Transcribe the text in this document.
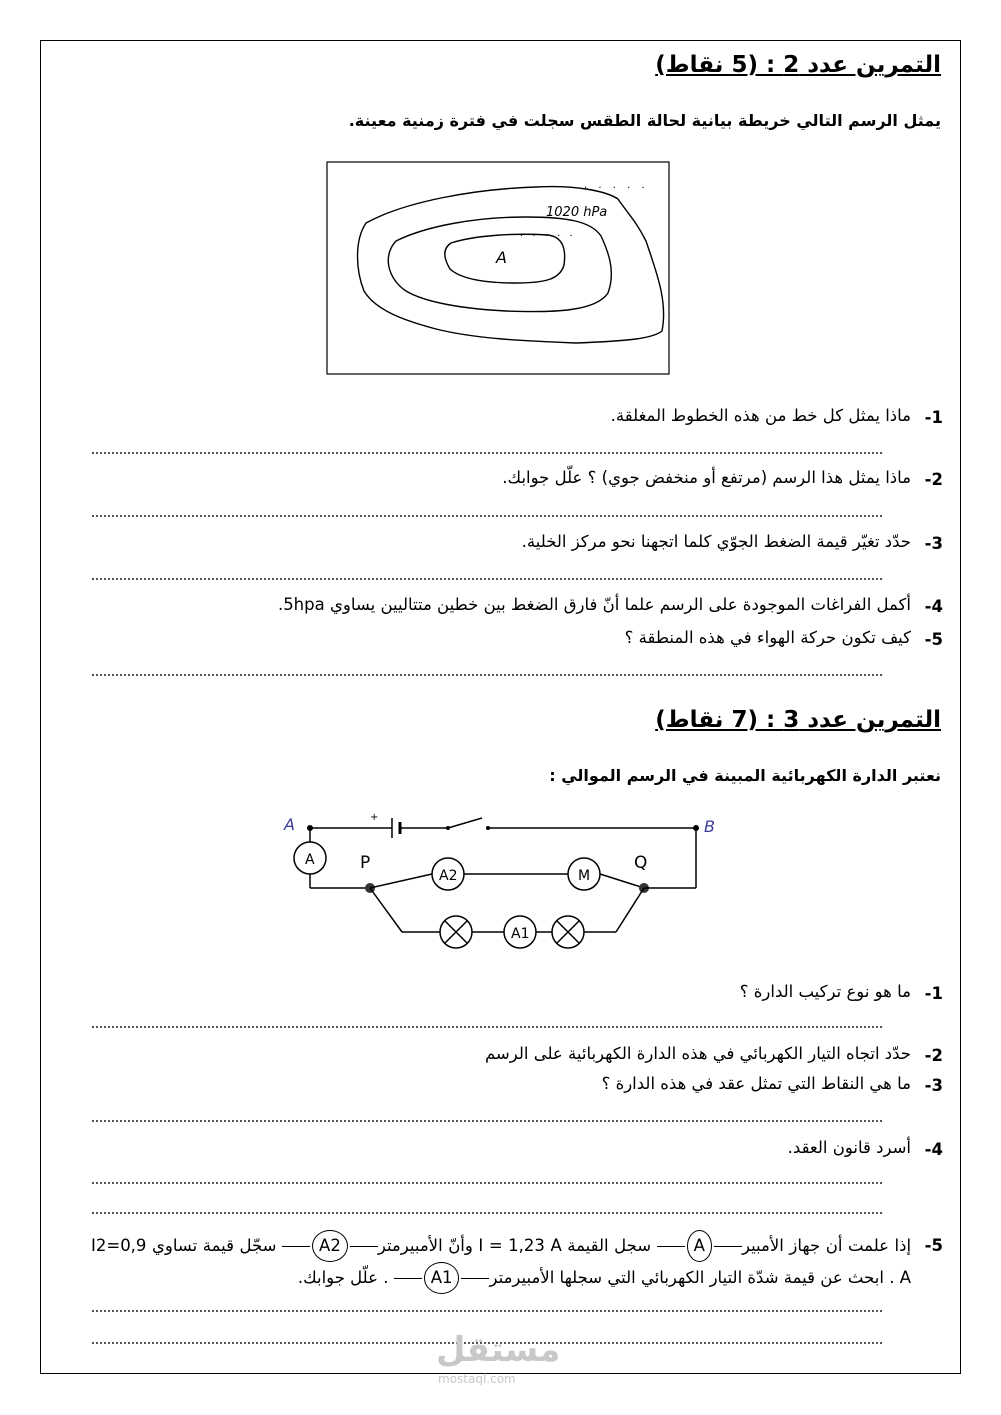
التمرين عدد 2 : (5 نقاط)
يمثل الرسم التالي خريطة بيانية لحالة الطقس سجلت في فترة زمنية معينة.
. . . . .
. . . . .
1020 hPa
A
-1
ماذا يمثل كل خط من هذه الخطوط المغلقة.
-2
ماذا يمثل هذا الرسم (مرتفع أو منخفض جوي) ؟ علّل جوابك.
-3
حدّد تغيّر قيمة الضغط الجوّي كلما اتجهنا نحو مركز الخلية.
-4
أكمل الفراغات الموجودة على الرسم علما أنّ فارق الضغط بين خطين متتاليين يساوي 5hpa.
-5
كيف تكون حركة الهواء في هذه المنطقة ؟
التمرين عدد 3 : (7 نقاط)
نعتبر الدارة الكهربائية المبينة في الرسم الموالي :
+
A	B
A	P
A2	M
Q
A1
-1
ما هو نوع تركيب الدارة ؟
-2
حدّد اتجاه التيار الكهربائي في هذه الدارة الكهربائية على الرسم
-3
ما هي النقاط التي تمثل عقد في هذه الدارة ؟
-4
أسرد قانون العقد.
-5
إذا علمت أن جهاز الأمبيرA سجل القيمة I = 1,23 A وأنّ الأمبيرمترA2 سجّل قيمة تساوي I2=0,9 A . ابحث عن قيمة شدّة التيار الكهربائي التي سجلها الأمبيرمترA1 . علّل جوابك.
مستقل
mostaql.com
